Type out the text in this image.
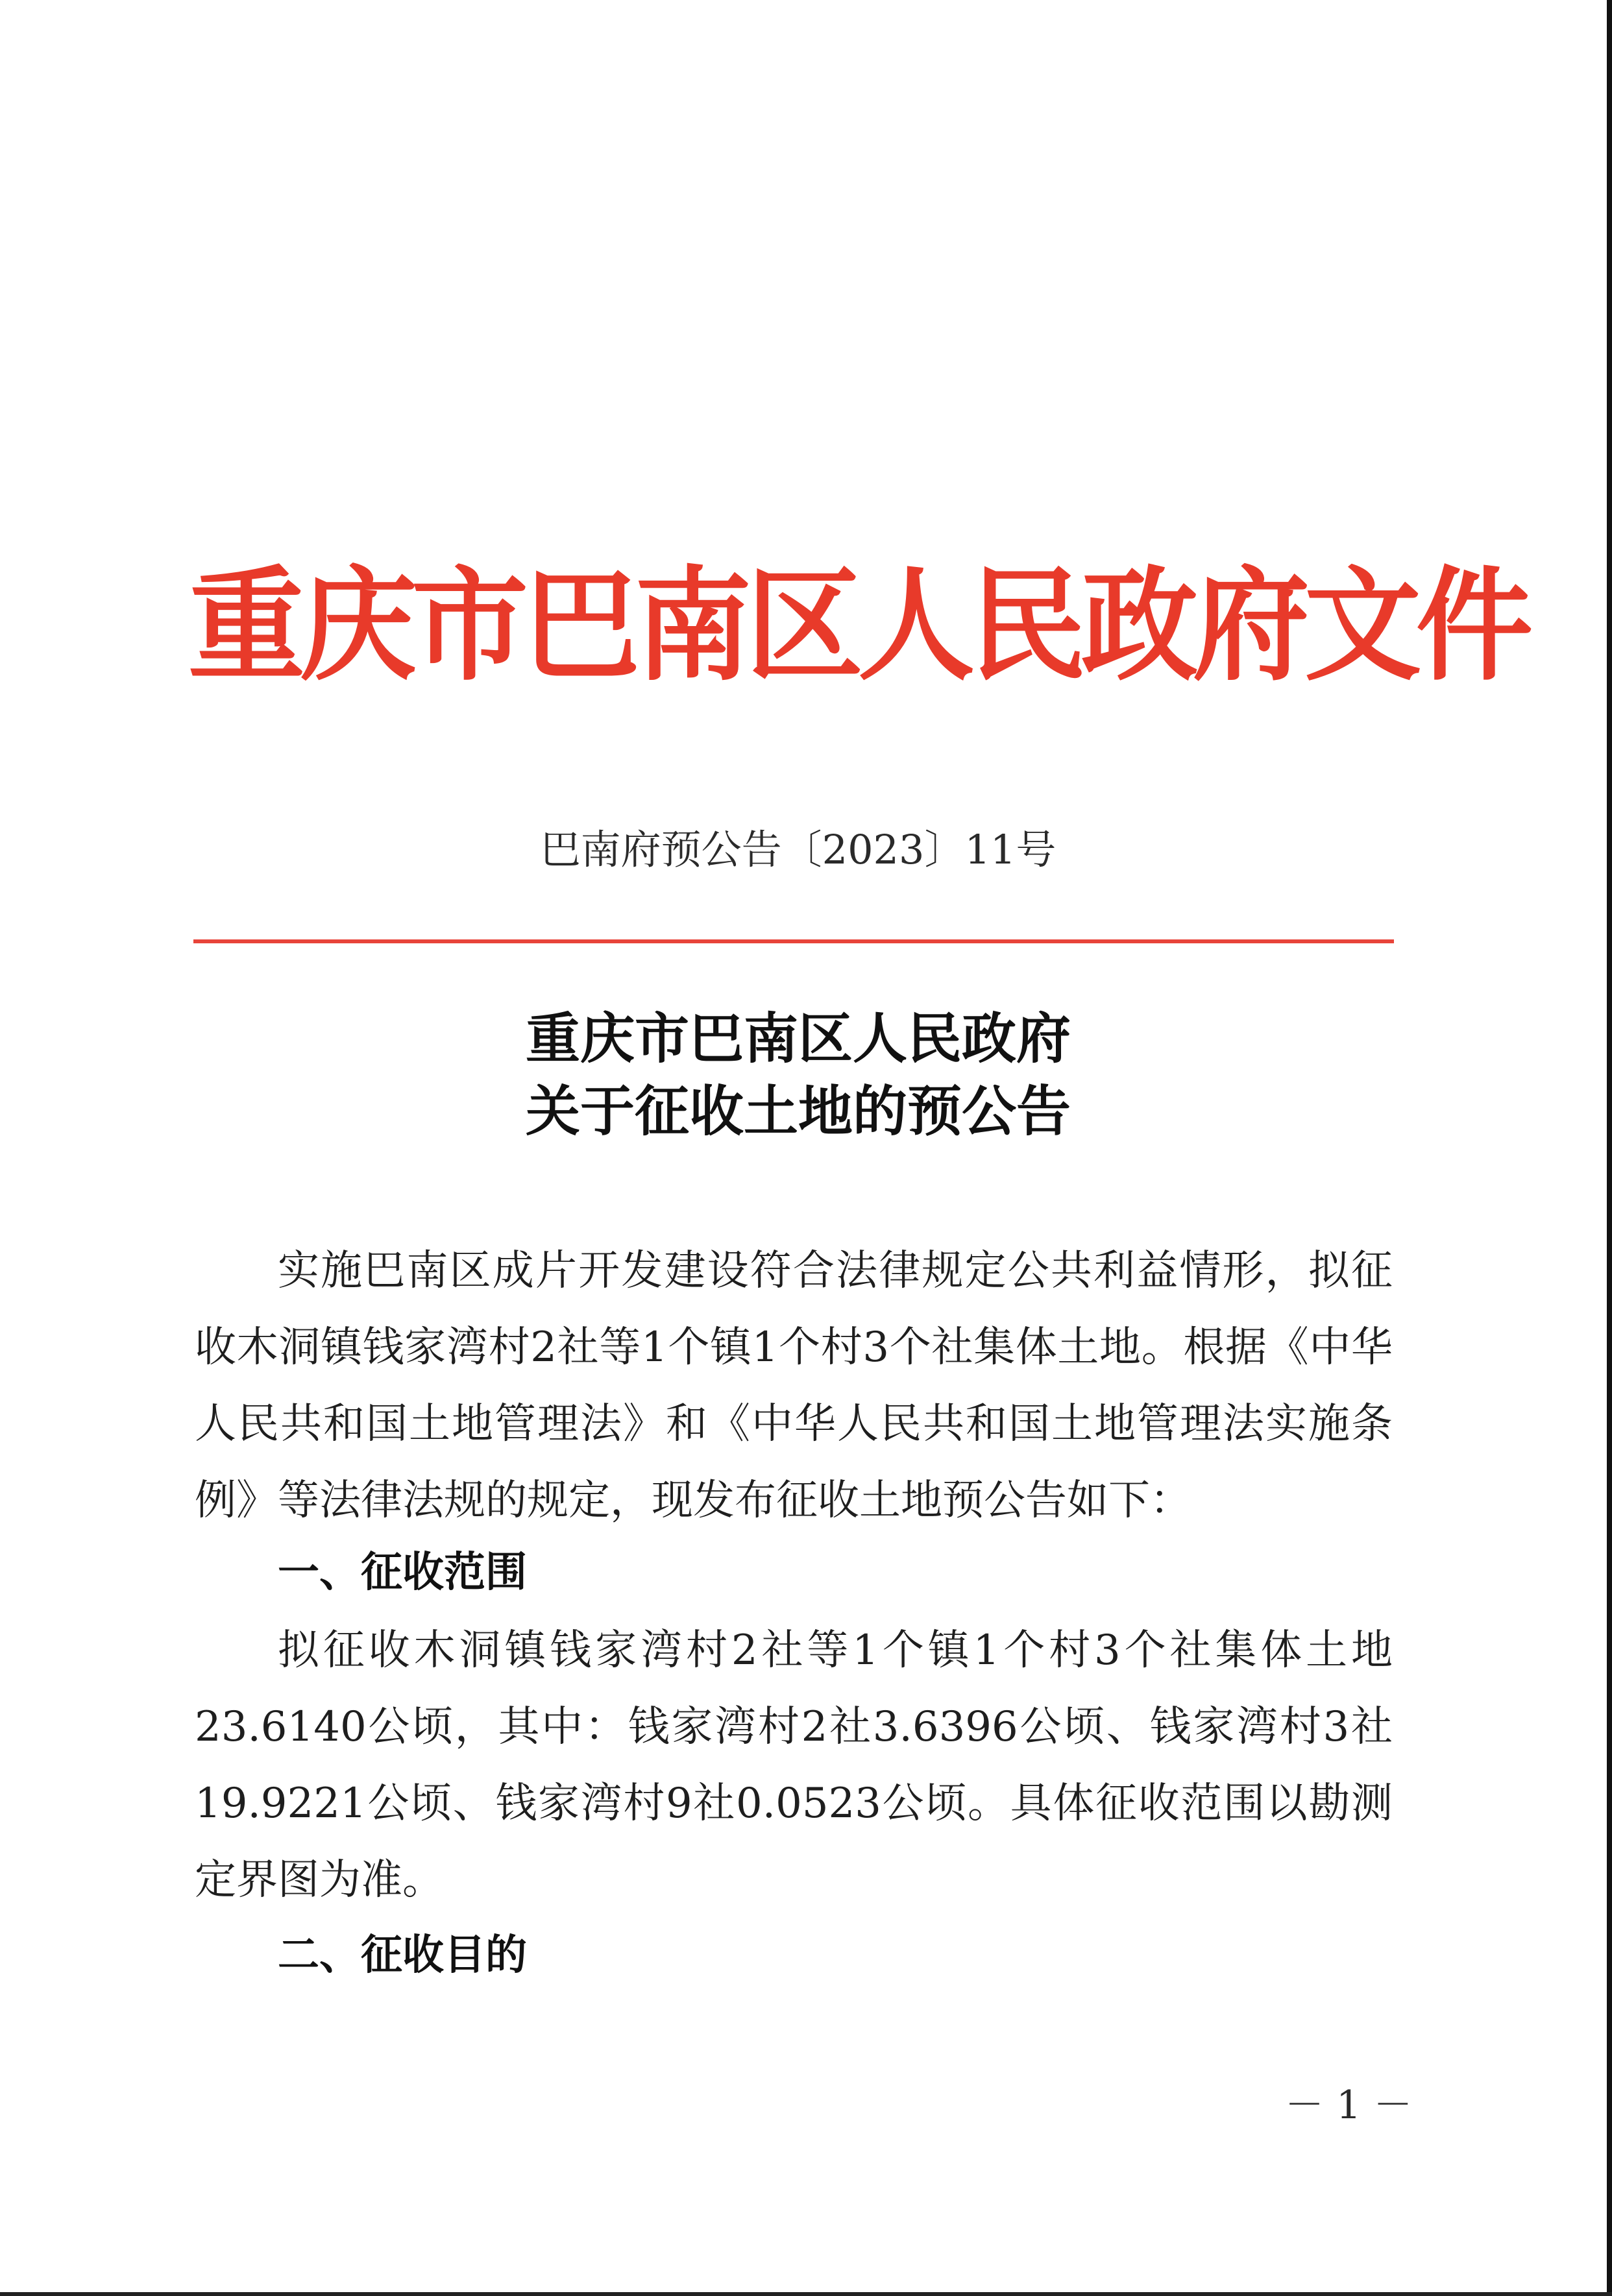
重庆市巴南区人民政府文件
巴南府预公告〔2023〕11号
重庆市巴南区人民政府
关于征收土地的预公告

实施巴南区成片开发建设符合法律规定公共利益情形，拟征收木洞镇钱家湾村2社等1个镇1个村3个社集体土地。根据《中华人民共和国土地管理法》和《中华人民共和国土地管理法实施条例》等法律法规的规定，现发布征收土地预公告如下：

一、征收范围

拟征收木洞镇钱家湾村2社等1个镇1个村3个社集体土地23.6140公顷，其中：钱家湾村2社3.6396公顷、钱家湾村3社19.9221公顷、钱家湾村9社0.0523公顷。具体征收范围以勘测定界图为准。

二、征收目的
－ 1 －
